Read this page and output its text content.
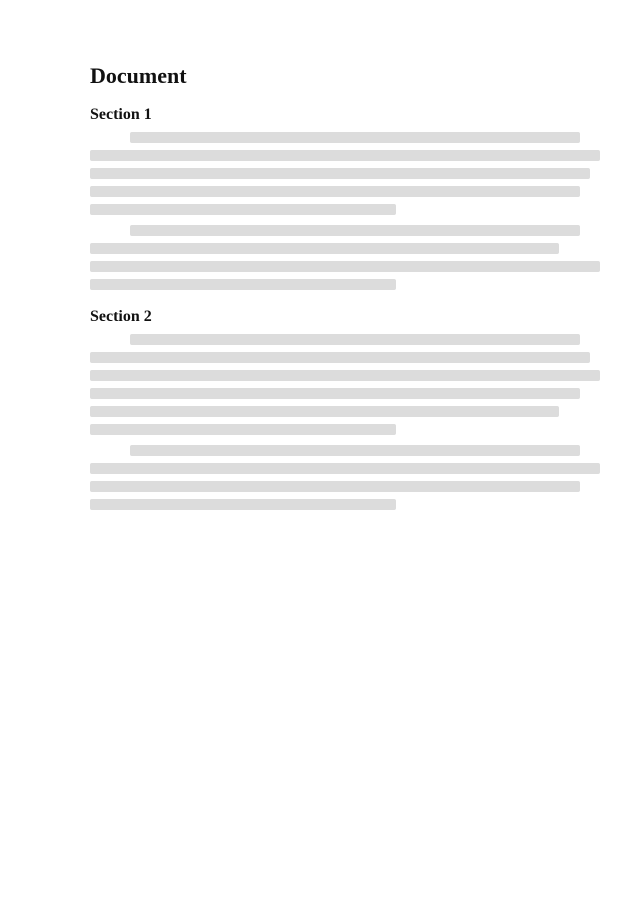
Document
Section 1
Section 2
